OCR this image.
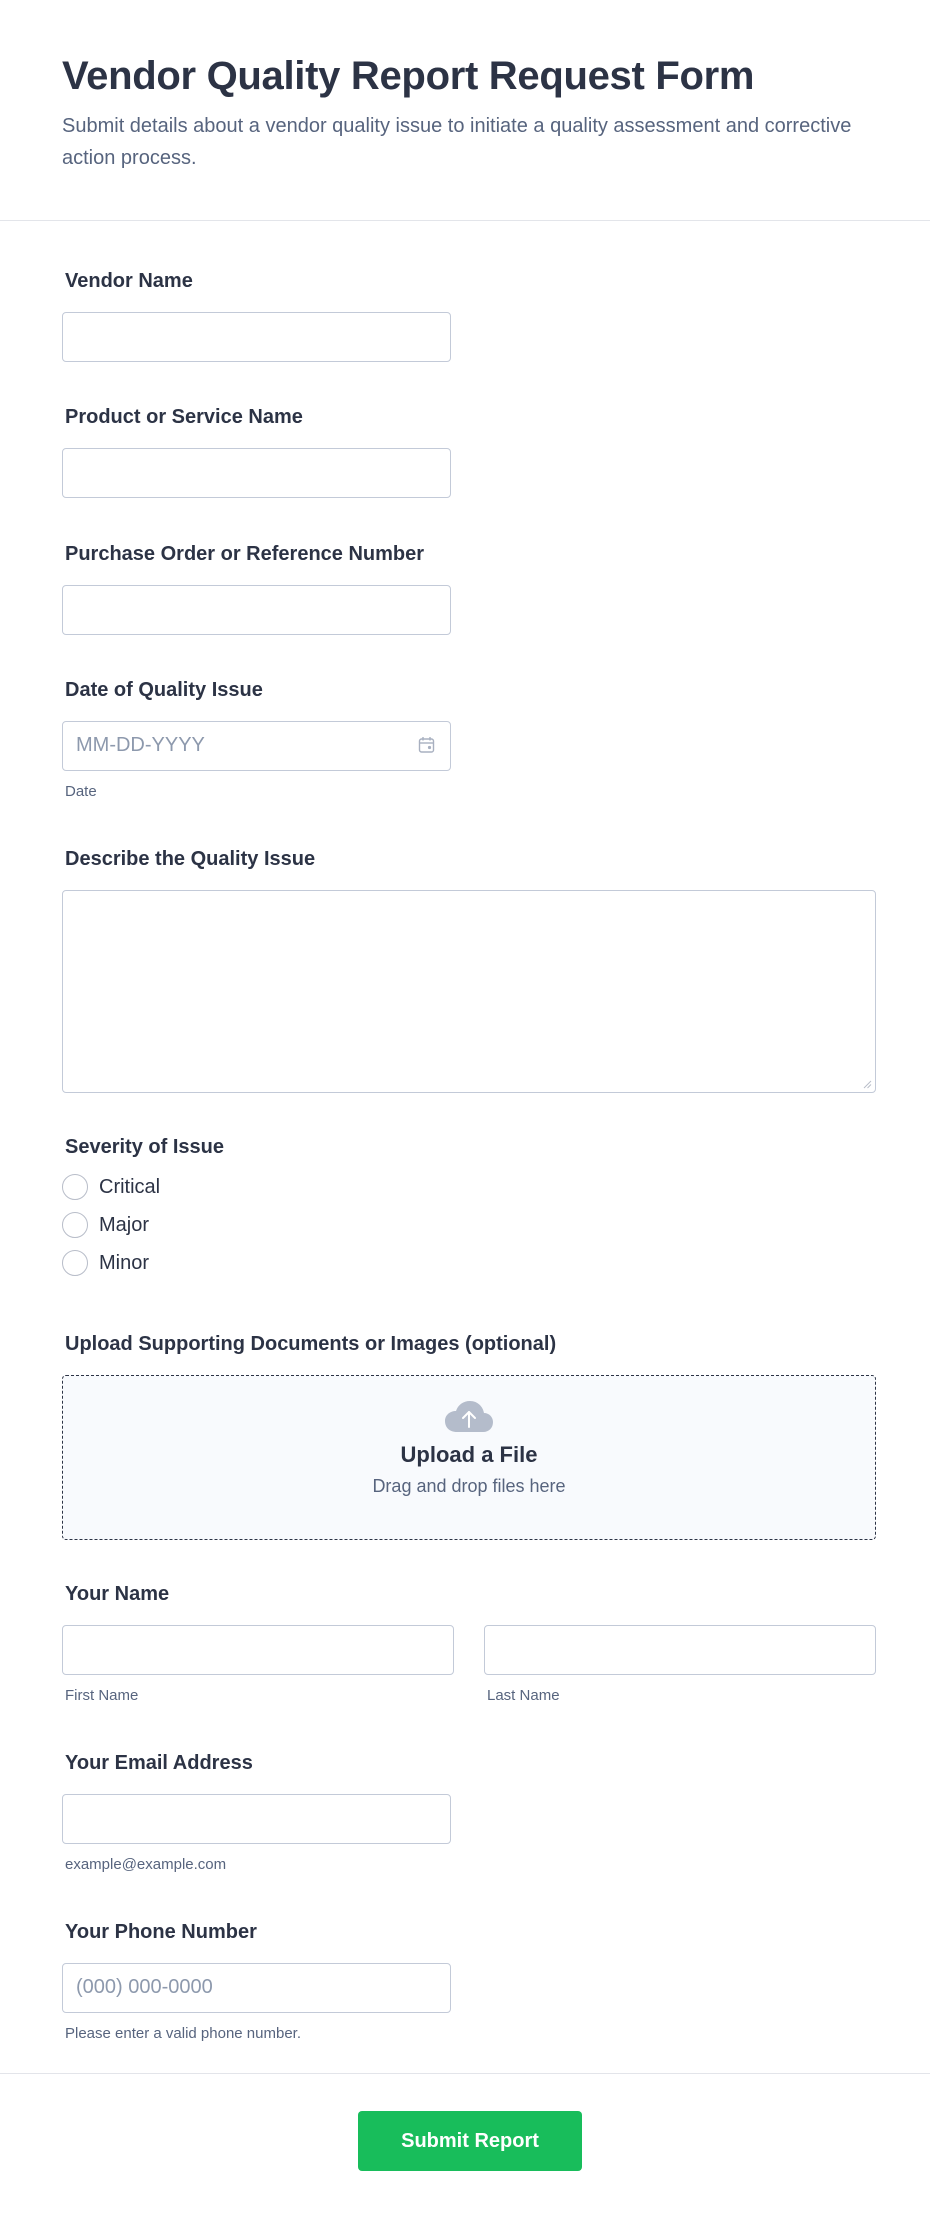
Vendor Quality Report Request Form
Submit details about a vendor quality issue to initiate a quality assessment and corrective action process.
Vendor Name
Product or Service Name
Purchase Order or Reference Number
Date of Quality Issue
MM-DD-YYYY
Date
Describe the Quality Issue
Severity of Issue
Critical
Major
Minor
Upload Supporting Documents or Images (optional)
Upload a File
Drag and drop files here
Your Name
First Name	Last Name
Your Email Address
example@example.com
Your Phone Number
(000) 000-0000
Please enter a valid phone number.
Submit Report
